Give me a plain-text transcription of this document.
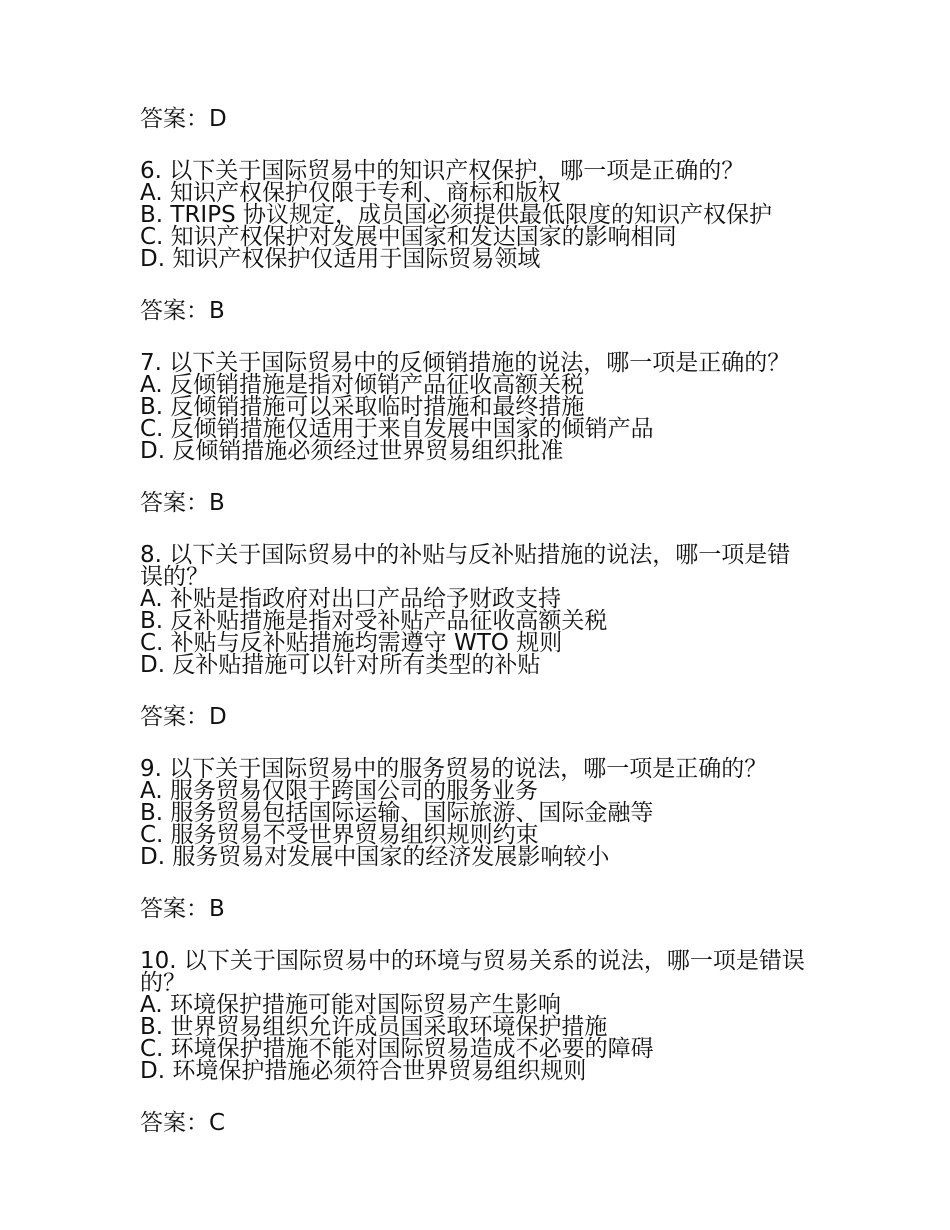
答案：D

6. 以下关于国际贸易中的知识产权保护，哪一项是正确的？

A. 知识产权保护仅限于专利、商标和版权

B. TRIPS 协议规定，成员国必须提供最低限度的知识产权保护

C. 知识产权保护对发展中国家和发达国家的影响相同

D. 知识产权保护仅适用于国际贸易领域

答案：B

7. 以下关于国际贸易中的反倾销措施的说法，哪一项是正确的？

A. 反倾销措施是指对倾销产品征收高额关税

B. 反倾销措施可以采取临时措施和最终措施

C. 反倾销措施仅适用于来自发展中国家的倾销产品

D. 反倾销措施必须经过世界贸易组织批准

答案：B

8. 以下关于国际贸易中的补贴与反补贴措施的说法，哪一项是错误的？

A. 补贴是指政府对出口产品给予财政支持

B. 反补贴措施是指对受补贴产品征收高额关税

C. 补贴与反补贴措施均需遵守 WTO 规则

D. 反补贴措施可以针对所有类型的补贴

答案：D

9. 以下关于国际贸易中的服务贸易的说法，哪一项是正确的？

A. 服务贸易仅限于跨国公司的服务业务

B. 服务贸易包括国际运输、国际旅游、国际金融等

C. 服务贸易不受世界贸易组织规则约束

D. 服务贸易对发展中国家的经济发展影响较小

答案：B

10. 以下关于国际贸易中的环境与贸易关系的说法，哪一项是错误的？

A. 环境保护措施可能对国际贸易产生影响

B. 世界贸易组织允许成员国采取环境保护措施

C. 环境保护措施不能对国际贸易造成不必要的障碍

D. 环境保护措施必须符合世界贸易组织规则

答案：C
